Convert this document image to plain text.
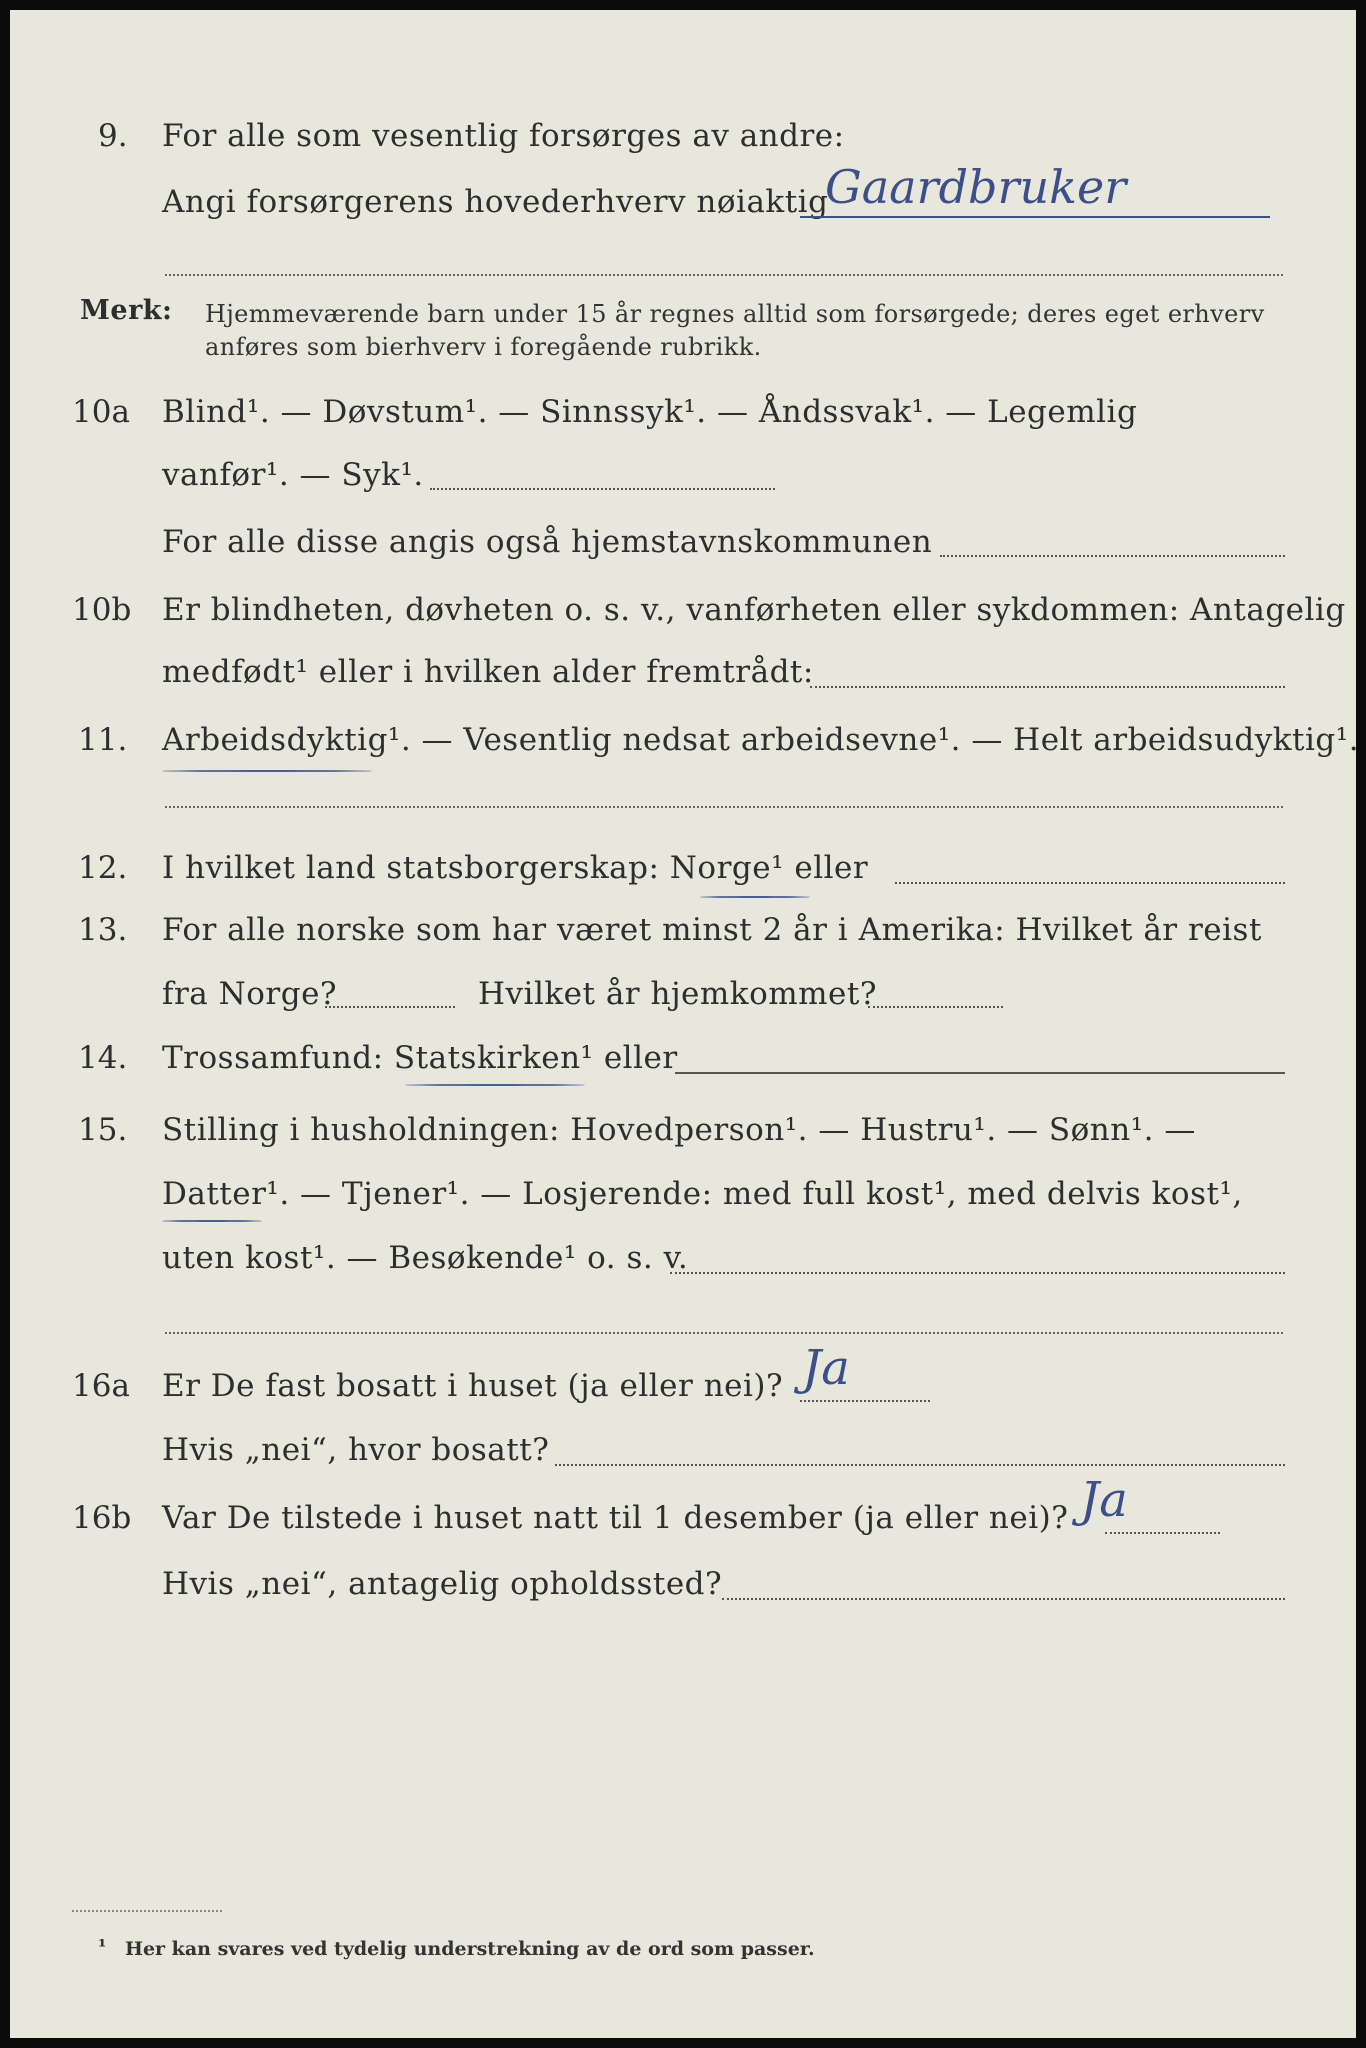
9. For alle som vesentlig forsørges av andre:
Angi forsørgerens hovederhverv nøiaktig
Gaardbruker
Merk: Hjemmeværende barn under 15 år regnes alltid som forsørgede; deres eget erhverv
anføres som bierhverv i foregående rubrikk.
10a Blind¹. — Døvstum¹. — Sinnssyk¹. — Åndssvak¹. — Legemlig
vanfør¹. — Syk¹.
For alle disse angis også hjemstavnskommunen
10b Er blindheten, døvheten o. s. v., vanførheten eller sykdommen: Antagelig
medfødt¹ eller i hvilken alder fremtrådt:
11. Arbeidsdyktig¹. — Vesentlig nedsat arbeidsevne¹. — Helt arbeidsudyktig¹.
12. I hvilket land statsborgerskap: Norge¹ eller
13. For alle norske som har været minst 2 år i Amerika: Hvilket år reist
fra Norge?	Hvilket år hjemkommet?
14. Trossamfund: Statskirken¹ eller
15. Stilling i husholdningen: Hovedperson¹. — Hustru¹. — Sønn¹. —
Datter¹. — Tjener¹. — Losjerende: med full kost¹, med delvis kost¹,
uten kost¹. — Besøkende¹ o. s. v.
16a Er De fast bosatt i huset (ja eller nei)? Ja
Hvis „nei“, hvor bosatt?
16b Var De tilstede i huset natt til 1 desember (ja eller nei)? Ja
Hvis „nei“, antagelig opholdssted?
¹ Her kan svares ved tydelig understrekning av de ord som passer.
